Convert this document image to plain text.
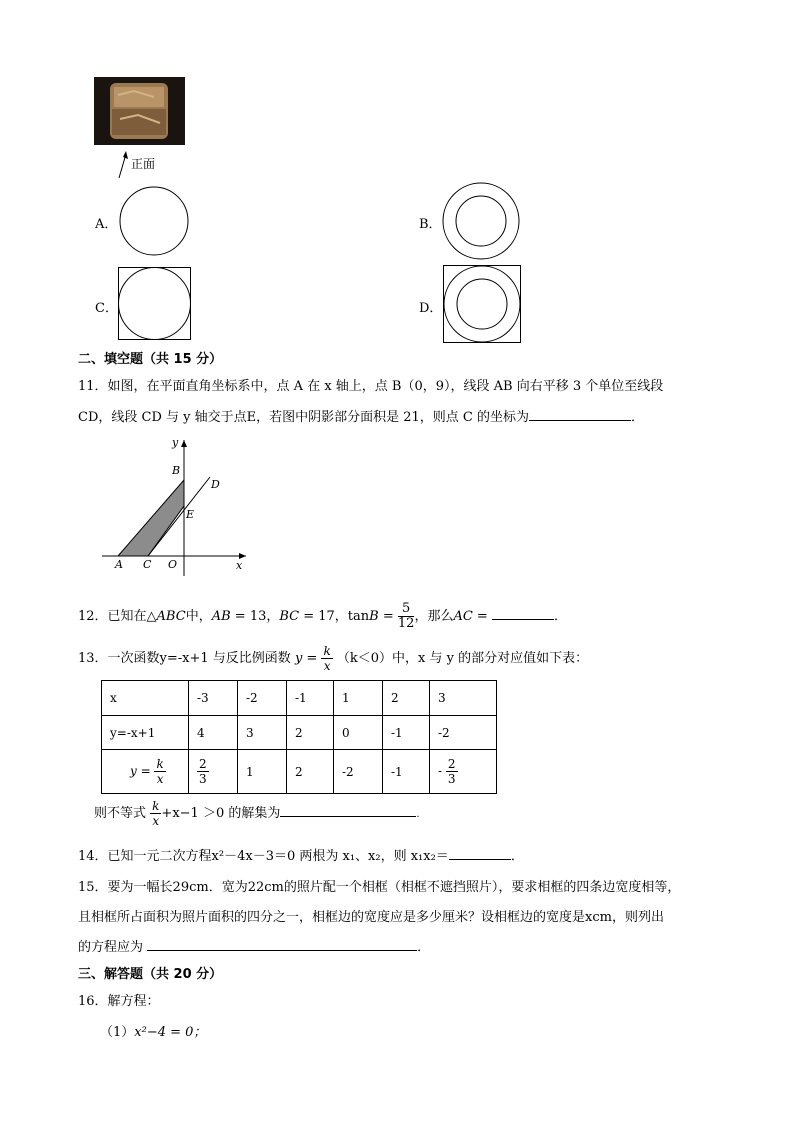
正面
A．	B．
C．	D．
二、填空题（共 15 分）
11．如图，在平面直角坐标系中，点 A 在 x 轴上，点 B（0，9），线段 AB 向右平移 3 个单位至线段
CD，线段 CD 与 y 轴交于点E，若图中阴影部分面积是 21，则点 C 的坐标为	．
y
x
B
D
E
A C O
12．已知在△ABC中，AB = 13，BC = 17，$\tan B = \frac{5}{12}$ ，那么AC =	．
13．一次函数y=-x+1 与反比例函数 $y = \frac{k}{x} (k<0)$中，x 与 y 的部分对应值如下表：
x	-3	-2	-1	1	2	3
y=-x+1	4	3	2	0	-1	-2
$y = \frac{k}{x}$	$\frac{2}{3}$	1	2	-2	-1	- $\frac{2}{3}$
则不等式 $\frac{k}{x} +x-1 >0$ 的解集为	.
14．已知一元二次方程x²－4x－3＝0 两根为 x₁、x₂，则 x₁x₂＝	．
15．要为一幅长29cm．宽为22cm的照片配一个相框（相框不遮挡照片），要求相框的四条边宽度相等，
且相框所占面积为照片面积的四分之一，相框边的宽度应是多少厘米？设相框边的宽度是xcm，则列出
的方程应为	．
三、解答题（共 20 分）
16．解方程：
（1）x²−4 = 0；
